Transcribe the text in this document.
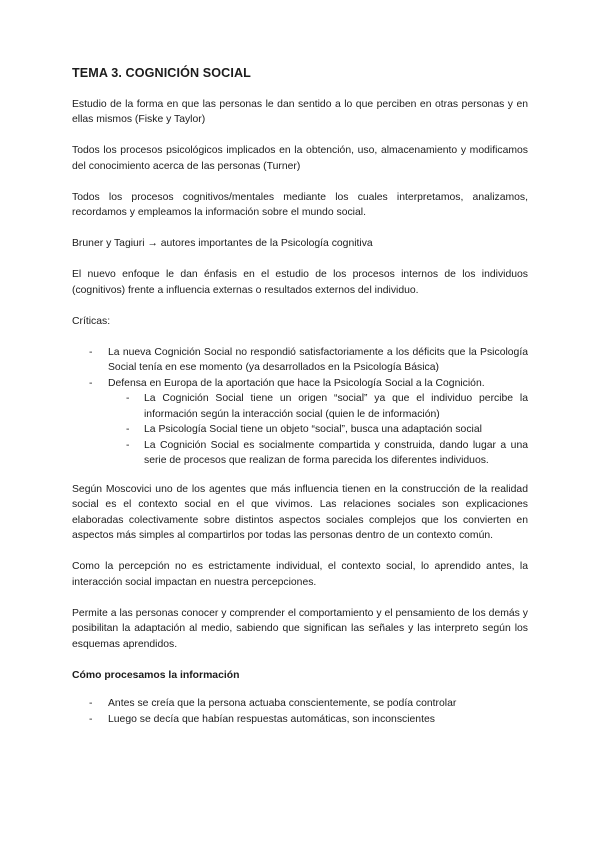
TEMA 3. COGNICIÓN SOCIAL

Estudio de la forma en que las personas le dan sentido a lo que perciben en otras personas y en ellas mismos (Fiske y Taylor)

Todos los procesos psicológicos implicados en la obtención, uso, almacenamiento y modificamos del conocimiento acerca de las personas (Turner)

Todos los procesos cognitivos/mentales mediante los cuales interpretamos, analizamos, recordamos y empleamos la información sobre el mundo social.

Bruner y Tagiuri → autores importantes de la Psicología cognitiva

El nuevo enfoque le dan énfasis en el estudio de los procesos internos de los individuos (cognitivos) frente a influencia externas o resultados externos del individuo.

Críticas:

- La nueva Cognición Social no respondió satisfactoriamente a los déficits que la Psicología Social tenía en ese momento (ya desarrollados en la Psicología Básica)
- Defensa en Europa de la aportación que hace la Psicología Social a la Cognición.
- La Cognición Social tiene un origen “social” ya que el individuo percibe la información según la interacción social (quien le de información)
- La Psicología Social tiene un objeto “social”, busca una adaptación social
- La Cognición Social es socialmente compartida y construida, dando lugar a una serie de procesos que realizan de forma parecida los diferentes individuos.

Según Moscovici uno de los agentes que más influencia tienen en la construcción de la realidad social es el contexto social en el que vivimos. Las relaciones sociales son explicaciones elaboradas colectivamente sobre distintos aspectos sociales complejos que los convierten en aspectos más simples al compartirlos por todas las personas dentro de un contexto común.

Como la percepción no es estrictamente individual, el contexto social, lo aprendido antes, la interacción social impactan en nuestra percepciones.

Permite a las personas conocer y comprender el comportamiento y el pensamiento de los demás y posibilitan la adaptación al medio, sabiendo que significan las señales y las interpreto según los esquemas aprendidos.

Cómo procesamos la información
- Antes se creía que la persona actuaba conscientemente, se podía controlar
- Luego se decía que habían respuestas automáticas, son inconscientes
